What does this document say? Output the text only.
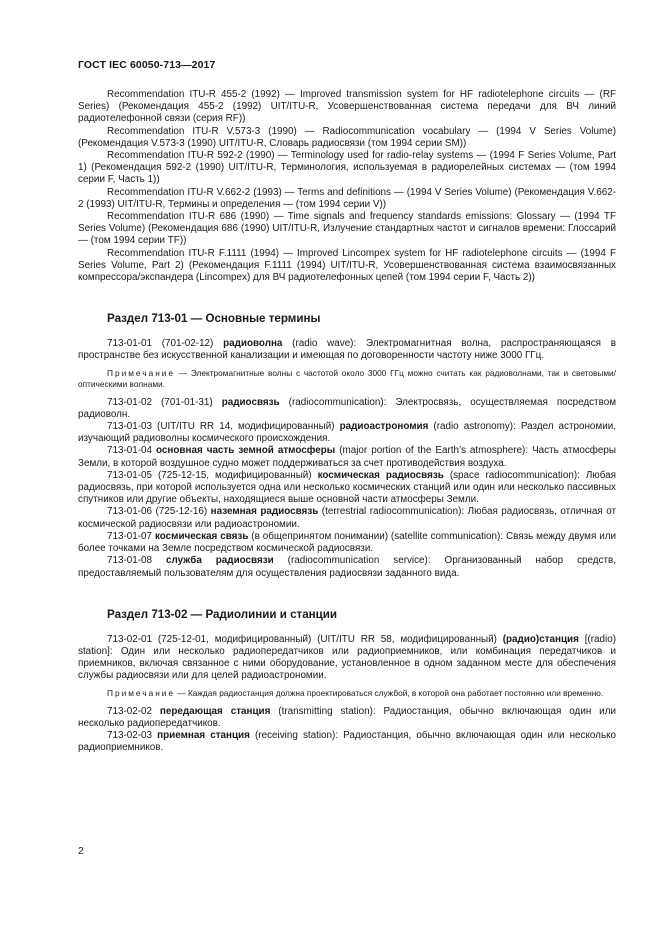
ГОСТ IEC 60050-713—2017

Recommendation ITU-R 455-2 (1992) — Improved transmission system for HF radiotelephone circuits — (RF Series) (Рекомендация 455-2 (1992) UIT/ITU-R, Усовершенствованная система передачи для ВЧ линий радиотелефонной связи (серия RF))

Recommendation ITU-R V.573-3 (1990) — Radiocommunication vocabulary — (1994 V Series Volume) (Рекомендация V.573-3 (1990) UIT/ITU-R, Словарь радиосвязи (том 1994 серии SM))

Recommendation ITU-R 592-2 (1990) — Terminology used for radio-relay systems — (1994 F Series Volume, Part 1) (Рекомендация 592-2 (1990) UIT/ITU-R, Терминология, используемая в радиорелейных системах — (том 1994 серии F, Часть 1))

Recommendation ITU-R V.662-2 (1993) — Terms and definitions — (1994 V Series Volume) (Рекомендация V.662-2 (1993) UIT/ITU-R, Термины и определения — (том 1994 серии V))

Recommendation ITU-R 686 (1990) — Time signals and frequency standards emissions: Glossary — (1994 TF Series Volume) (Рекомендация 686 (1990) UIT/ITU-R, Излучение стандартных частот и сигналов времени: Глоссарий — (том 1994 серии TF))

Recommendation ITU-R F.1111 (1994) — Improved Lincompex system for HF radiotelephone circuits — (1994 F Series Volume, Part 2) (Рекомендация F.1111 (1994) UIT/ITU-R, Усовершенствованная система взаимосвязанных компрессора/экспандера (Lincompex) для ВЧ радиотелефонных цепей (том 1994 серии F, Часть 2))

Раздел 713-01 — Основные термины

713-01-01 (701-02-12) радиоволна (radio wave): Электромагнитная волна, распространяющаяся в пространстве без искусственной канализации и имеющая по договоренности частоту ниже 3000 ГГц.

Примечание — Электромагнитные волны с частотой около 3000 ГГц можно считать как радиоволнами, так и световыми/оптическими волнами.

713-01-02 (701-01-31) радиосвязь (radiocommunication): Электросвязь, осуществляемая посредством радиоволн.

713-01-03 (UIT/ITU RR 14, модифицированный) радиоастрономия (radio astronomy): Раздел астрономии, изучающий радиоволны космического происхождения.

713-01-04 основная часть земной атмосферы (major portion of the Earth’s atmosphere): Часть атмосферы Земли, в которой воздушное судно может поддерживаться за счет противодействия воздуха.

713-01-05 (725-12-15, модифицированный) космическая радиосвязь (space radiocommunication): Любая радиосвязь, при которой используется одна или несколько космических станций или один или несколько пассивных спутников или другие объекты, находящиеся выше основной части атмосферы Земли.

713-01-06 (725-12-16) наземная радиосвязь (terrestrial radiocommunication): Любая радиосвязь, отличная от космической радиосвязи или радиоастрономии.

713-01-07 космическая связь (в общепринятом понимании) (satellite communication): Связь между двумя или более точками на Земле посредством космической радиосвязи.

713-01-08 служба радиосвязи (radiocommunication service): Организованный набор средств, предоставляемый пользователям для осуществления радиосвязи заданного вида.

Раздел 713-02 — Радиолинии и станции

713-02-01 (725-12-01, модифицированный) (UIT/ITU RR 58, модифицированный) (радио)станция [(radio) station]: Один или несколько радиопередатчиков или радиоприемников, или комбинация передатчиков и приемников, включая связанное с ними оборудование, установленное в одном заданном месте для обеспечения службы радиосвязи или для целей радиоастрономии.

Примечание — Каждая радиостанция должна проектироваться службой, в которой она работает постоянно или временно.

713-02-02 передающая станция (transmitting station): Радиостанция, обычно включающая один или несколько радиопередатчиков.

713-02-03 приемная станция (receiving station): Радиостанция, обычно включающая один или несколько радиоприемников.

2
